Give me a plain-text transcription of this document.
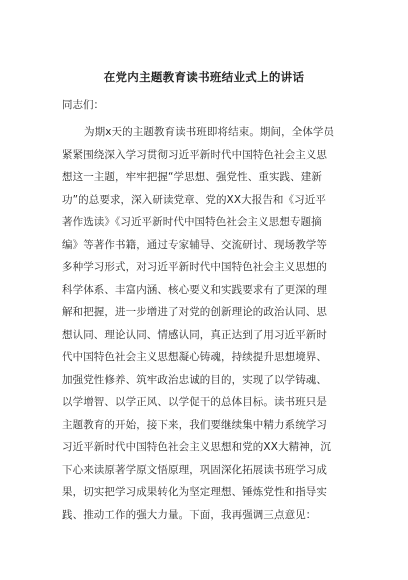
在党内主题教育读书班结业式上的讲话
同志们：
为期x天的主题教育读书班即将结束。期间，全体学员
紧紧围绕深入学习贯彻习近平新时代中国特色社会主义思
想这一主题，牢牢把握“学思想、强党性、重实践、建新
功”的总要求，深入研读党章、党的XX大报告和《习近平
著作选读》《习近平新时代中国特色社会主义思想专题摘
编》等著作书籍，通过专家辅导、交流研讨、现场教学等
多种学习形式，对习近平新时代中国特色社会主义思想的
科学体系、丰富内涵、核心要义和实践要求有了更深的理
解和把握，进一步增进了对党的创新理论的政治认同、思
想认同、理论认同、情感认同，真正达到了用习近平新时
代中国特色社会主义思想凝心铸魂，持续提升思想境界、
加强党性修养、筑牢政治忠诚的目的，实现了以学铸魂、
以学增智、以学正风、以学促干的总体目标。读书班只是
主题教育的开始，接下来，我们要继续集中精力系统学习
习近平新时代中国特色社会主义思想和党的XX大精神，沉
下心来读原著学原文悟原理，巩固深化拓展读书班学习成
果，切实把学习成果转化为坚定理想、锤炼党性和指导实
践、推动工作的强大力量。下面，我再强调三点意见：
